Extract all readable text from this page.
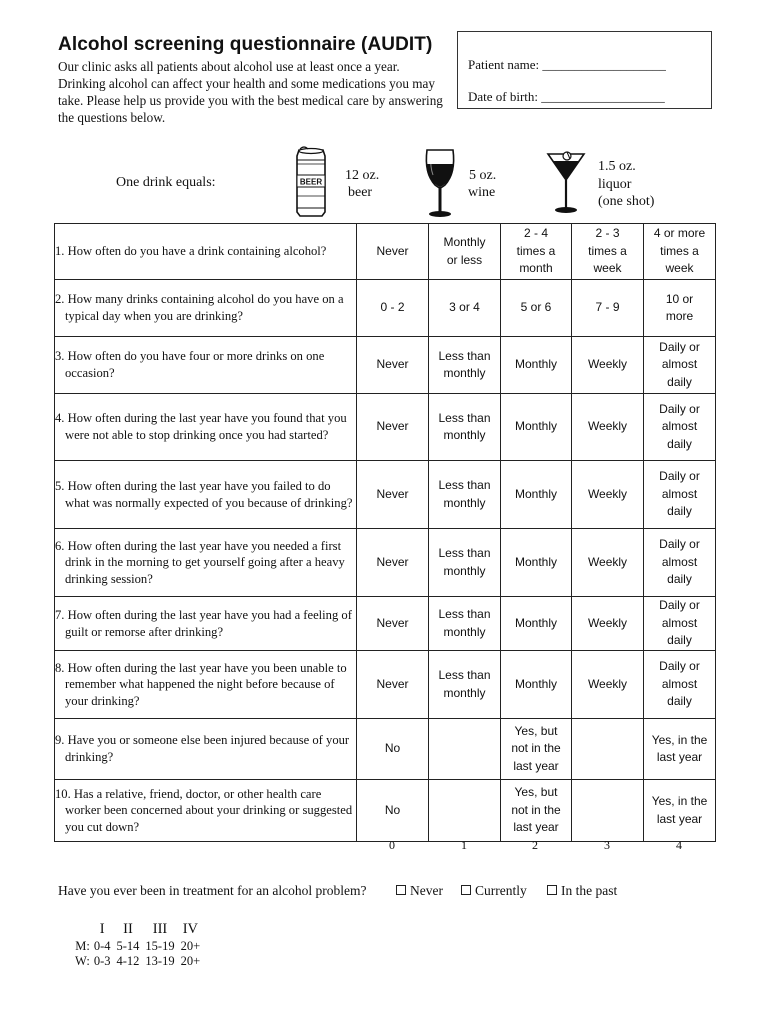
Alcohol screening questionnaire (AUDIT)
Our clinic asks all patients about alcohol use at least once a year. Drinking alcohol can affect your health and some medications you may take. Please help us provide you with the best medical care by answering the questions below.
Patient name: ___________________
Date of birth: ___________________
One drink equals:	BEER 12 oz.
beer
5 oz.
wine
1.5 oz.
liquor
(one shot)
1. How often do you have a drink containing alcohol?	Never	Monthly
or less	2 - 4
times a
month	2 - 3
times a
week	4 or more
times a
week

2. How many drinks containing alcohol do you have on a typical day when you are drinking?	0 - 2	3 or 4	5 or 6	7 - 9	10 or
more

3. How often do you have four or more drinks on one occasion?	Never	Less than
monthly	Monthly	Weekly	Daily or
almost
daily

4. How often during the last year have you found that you were not able to stop drinking once you had started?	Never	Less than
monthly	Monthly	Weekly	Daily or
almost
daily

5. How often during the last year have you failed to do what was normally expected of you because of drinking?	Never	Less than
monthly	Monthly	Weekly	Daily or
almost
daily

6. How often during the last year have you needed a first drink in the morning to get yourself going after a heavy drinking session?	Never	Less than
monthly	Monthly	Weekly	Daily or
almost
daily

7. How often during the last year have you had a feeling of guilt or remorse after drinking?	Never	Less than
monthly	Monthly	Weekly	Daily or
almost
daily

8. How often during the last year have you been unable to remember what happened the night before because of your drinking?	Never	Less than
monthly	Monthly	Weekly	Daily or
almost
daily

9. Have you or someone else been injured because of your drinking?	No		Yes, but
not in the
last year		Yes, in the
last year

10. Has a relative, friend, doctor, or other health care worker been concerned about your drinking or suggested you cut down?	No		Yes, but
not in the
last year		Yes, in the
last year
0	1	2	3	4
Have you ever been in treatment for an alcohol problem?	Never	Currently	In the past
	I	II	III	IV
M:	0-4	5-14	15-19	20+
W:	0-3	4-12	13-19	20+
